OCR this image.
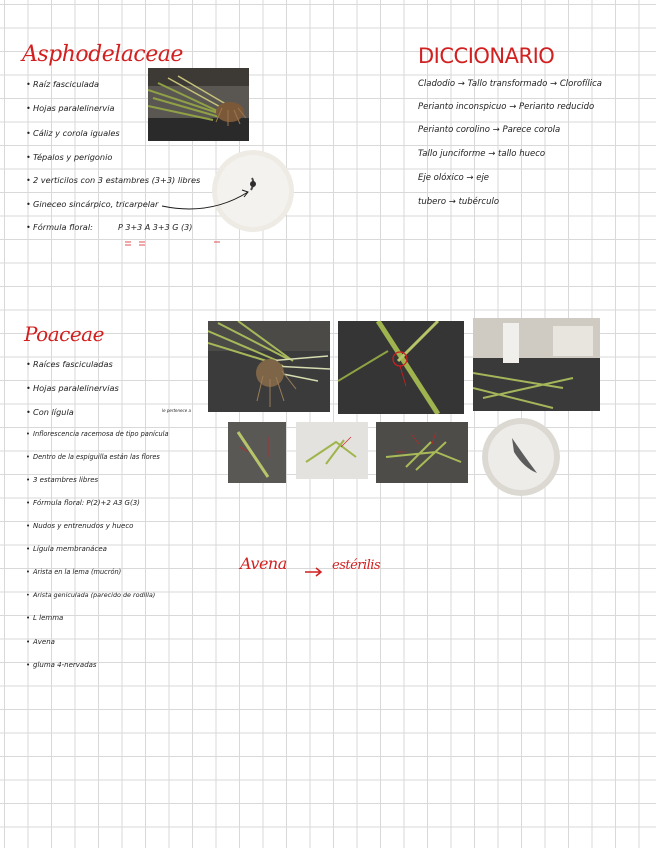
Asphodelaceae
• Raíz fasciculada
• Hojas paralelinervia
• Cáliz y corola iguales
• Tépalos y perigonio
• 2 verticilos con 3 estambres (3+3) libres
• Gineceo sincárpico, tricarpelar
• Fórmula floral:	P 3+3 A 3+3 G (3)
DICCIONARIO
Cladodio → Tallo transformado → Clorofílica
Perianto inconspicuo → Perianto reducido
Perianto corolino → Parece corola
Tallo junciforme → tallo hueco
Eje olóxico → eje
tubero → tubérculo
Poaceae
• Raíces fasciculadas
• Hojas paralelinervias
• Con lígula
• Inflorescencia racemosa de tipo panícula
• Dentro de la espiguilla están las flores
• 3 estambres libres
• Fórmula floral: P(2)+2 A3 G(3)
• Nudos y entrenudos y hueco
• Lígula membranácea
• Arista en la lema (mucrón)
• Arista geniculada (parecido de rodilla)
• L lemma
• Avena
• gluma 4-nervadas
le pertenece a
Avena	estérilis
